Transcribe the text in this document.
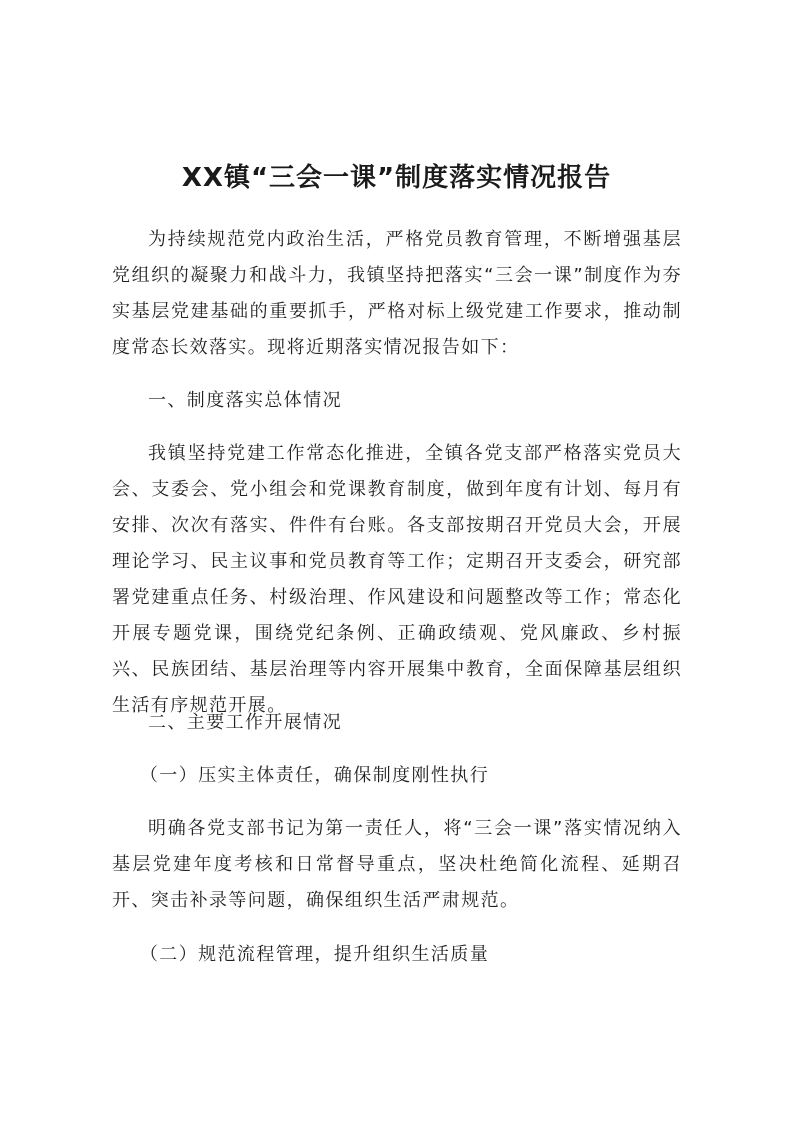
XX镇“三会一课”制度落实情况报告

为持续规范党内政治生活，严格党员教育管理，不断增强基层党组织的凝聚力和战斗力，我镇坚持把落实“三会一课”制度作为夯实基层党建基础的重要抓手，严格对标上级党建工作要求，推动制度常态长效落实。现将近期落实情况报告如下：

一、制度落实总体情况

我镇坚持党建工作常态化推进，全镇各党支部严格落实党员大会、支委会、党小组会和党课教育制度，做到年度有计划、每月有安排、次次有落实、件件有台账。各支部按期召开党员大会，开展理论学习、民主议事和党员教育等工作；定期召开支委会，研究部署党建重点任务、村级治理、作风建设和问题整改等工作；常态化开展专题党课，围绕党纪条例、正确政绩观、党风廉政、乡村振兴、民族团结、基层治理等内容开展集中教育，全面保障基层组织生活有序规范开展。

二、主要工作开展情况

（一）压实主体责任，确保制度刚性执行

明确各党支部书记为第一责任人，将“三会一课”落实情况纳入基层党建年度考核和日常督导重点，坚决杜绝简化流程、延期召开、突击补录等问题，确保组织生活严肃规范。

（二）规范流程管理，提升组织生活质量
